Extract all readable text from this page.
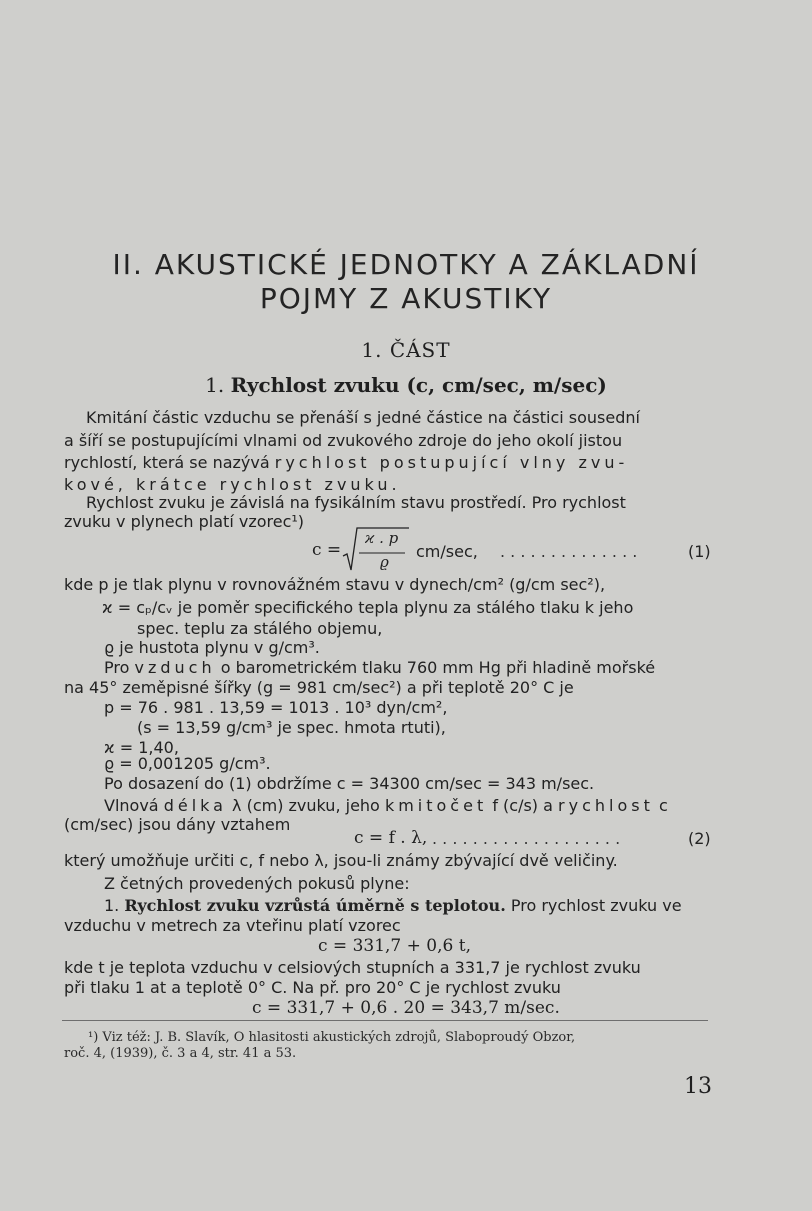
II. AKUSTICKÉ JEDNOTKY A ZÁKLADNÍ
POJMY Z AKUSTIKY
1. ČÁST
1. Rychlost zvuku (c, cm/sec, m/sec)
Kmitání částic vzduchu se přenáší s jedné částice na částici sousední
a šíří se postupujícími vlnami od zvukového zdroje do jeho okolí jistou
rychlostí, která se nazývá rychlost postupující vlny zvu-
kové, krátce rychlost zvuku.
Rychlost zvuku je závislá na fysikálním stavu prostředí. Pro rychlost
zvuku v plynech platí vzorec¹)
c =
ϰ . p
ϱ
cm/sec, . . . . . . . . . . . . . .	(1)
kde p je tlak plynu v rovnovážném stavu v dynech/cm² (g/cm sec²),
ϰ = cₚ/cᵥ je poměr specifického tepla plynu za stálého tlaku k jeho
spec. teplu za stálého objemu,
ϱ je hustota plynu v g/cm³.
Pro vzduch o barometrickém tlaku 760 mm Hg při hladině mořské
na 45° zeměpisné šířky (g = 981 cm/sec²) a při teplotě 20° C je
p = 76 . 981 . 13,59 = 1013 . 10³ dyn/cm²,
(s = 13,59 g/cm³ je spec. hmota rtuti),
ϰ = 1,40,
ϱ = 0,001205 g/cm³.
Po dosazení do (1) obdržíme c = 34300 cm/sec = 343 m/sec.
Vlnová délka λ (cm) zvuku, jeho kmitočet f (c/s) a rychlost c
(cm/sec) jsou dány vztahem
c = f . λ, . . . . . . . . . . . . . . . . . . .	(2)
který umožňuje určiti c, f nebo λ, jsou-li známy zbývající dvě veličiny.
Z četných provedených pokusů plyne:
1. Rychlost zvuku vzrůstá úměrně s teplotou. Pro rychlost zvuku ve
vzduchu v metrech za vteřinu platí vzorec
c = 331,7 + 0,6 t,
kde t je teplota vzduchu v celsiových stupních a 331,7 je rychlost zvuku
při tlaku 1 at a teplotě 0° C. Na př. pro 20° C je rychlost zvuku
c = 331,7 + 0,6 . 20 = 343,7 m/sec.
¹) Viz též: J. B. Slavík, O hlasitosti akustických zdrojů, Slaboproudý Obzor,
roč. 4, (1939), č. 3 a 4, str. 41 a 53.
13
